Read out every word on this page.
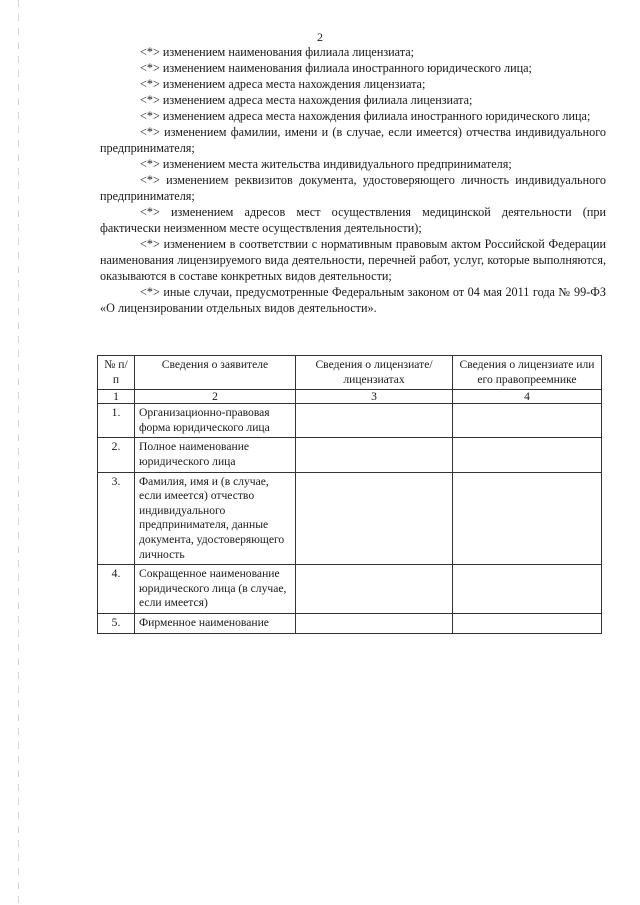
2

<*> изменением наименования филиала лицензиата;

<*> изменением наименования филиала иностранного юридического лица;

<*> изменением адреса места нахождения лицензиата;

<*> изменением адреса места нахождения филиала лицензиата;

<*> изменением адреса места нахождения филиала иностранного юридического лица;

<*> изменением фамилии, имени и (в случае, если имеется) отчества индивидуального предпринимателя;

<*> изменением места жительства индивидуального предпринимателя;

<*> изменением реквизитов документа, удостоверяющего личность индивидуального предпринимателя;

<*> изменением адресов мест осуществления медицинской деятельности (при фактически неизменном месте осуществления деятельности);

<*> изменением в соответствии с нормативным правовым актом Российской Федерации наименования лицензируемого вида деятельности, перечней работ, услуг, которые выполняются, оказываются в составе конкретных видов деятельности;

<*> иные случаи, предусмотренные Федеральным законом от 04 мая 2011 года № 99-ФЗ «О лицензировании отдельных видов деятельности».

№ п/п	Сведения о заявителе	Сведения о лицензиате/ лицензиатах	Сведения о лицензиате или его правопреемнике
1	2	3	4
1.	Организационно-правовая форма юридического лица		
2.	Полное наименование юридического лица		
3.	Фамилия, имя и (в случае, если имеется) отчество индивидуального предпринимателя, данные документа, удостоверяющего личность		
4.	Сокращенное наименование юридического лица (в случае, если имеется)		
5.	Фирменное наименование		
